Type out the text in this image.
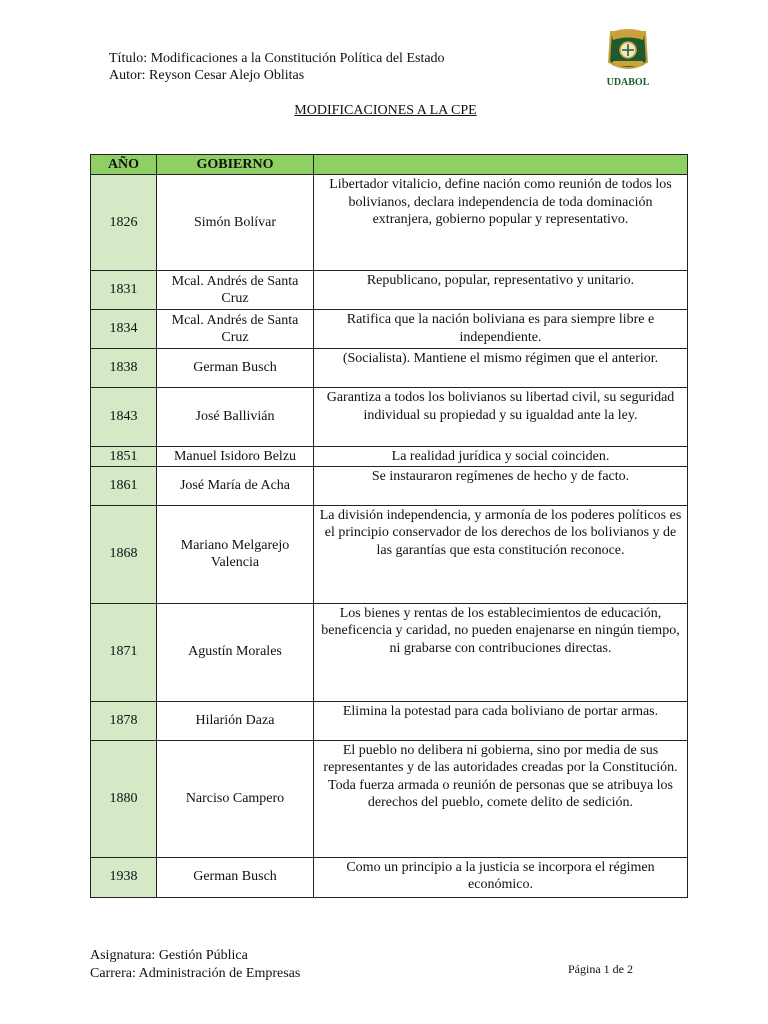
Título: Modificaciones a la Constitución Política del Estado
Autor: Reyson Cesar Alejo Oblitas	UDABOL
MODIFICACIONES A LA CPE
AÑO	GOBIERNO	
1826	Simón Bolívar	Libertador vitalicio, define nación como reunión de todos los bolivianos, declara independencia de toda dominación extranjera, gobierno popular y representativo.
1831	Mcal. Andrés de Santa Cruz	Republicano, popular, representativo y unitario.
1834	Mcal. Andrés de Santa Cruz	Ratifica que la nación boliviana es para siempre libre e independiente.
1838	German Busch	(Socialista). Mantiene el mismo régimen que el anterior.
1843	José Ballivián	Garantiza a todos los bolivianos su libertad civil, su seguridad individual su propiedad y su igualdad ante la ley.
1851	Manuel Isidoro Belzu	La realidad jurídica y social coinciden.
1861	José María de Acha	Se instauraron regímenes de hecho y de facto.
1868	Mariano Melgarejo Valencia	La división independencia, y armonía de los poderes políticos es el principio conservador de los derechos de los bolivianos y de las garantías que esta constitución reconoce.
1871	Agustín Morales	Los bienes y rentas de los establecimientos de educación, beneficencia y caridad, no pueden enajenarse en ningún tiempo, ni grabarse con contribuciones directas.
1878	Hilarión Daza	Elimina la potestad para cada boliviano de portar armas.
1880	Narciso Campero	El pueblo no delibera ni gobierna, sino por media de sus representantes y de las autoridades creadas por la Constitución. Toda fuerza armada o reunión de personas que se atribuya los derechos del pueblo, comete delito de sedición.
1938	German Busch	Como un principio a la justicia se incorpora el régimen económico.
Asignatura: Gestión Pública
Carrera: Administración de Empresas	Página 1 de 2
